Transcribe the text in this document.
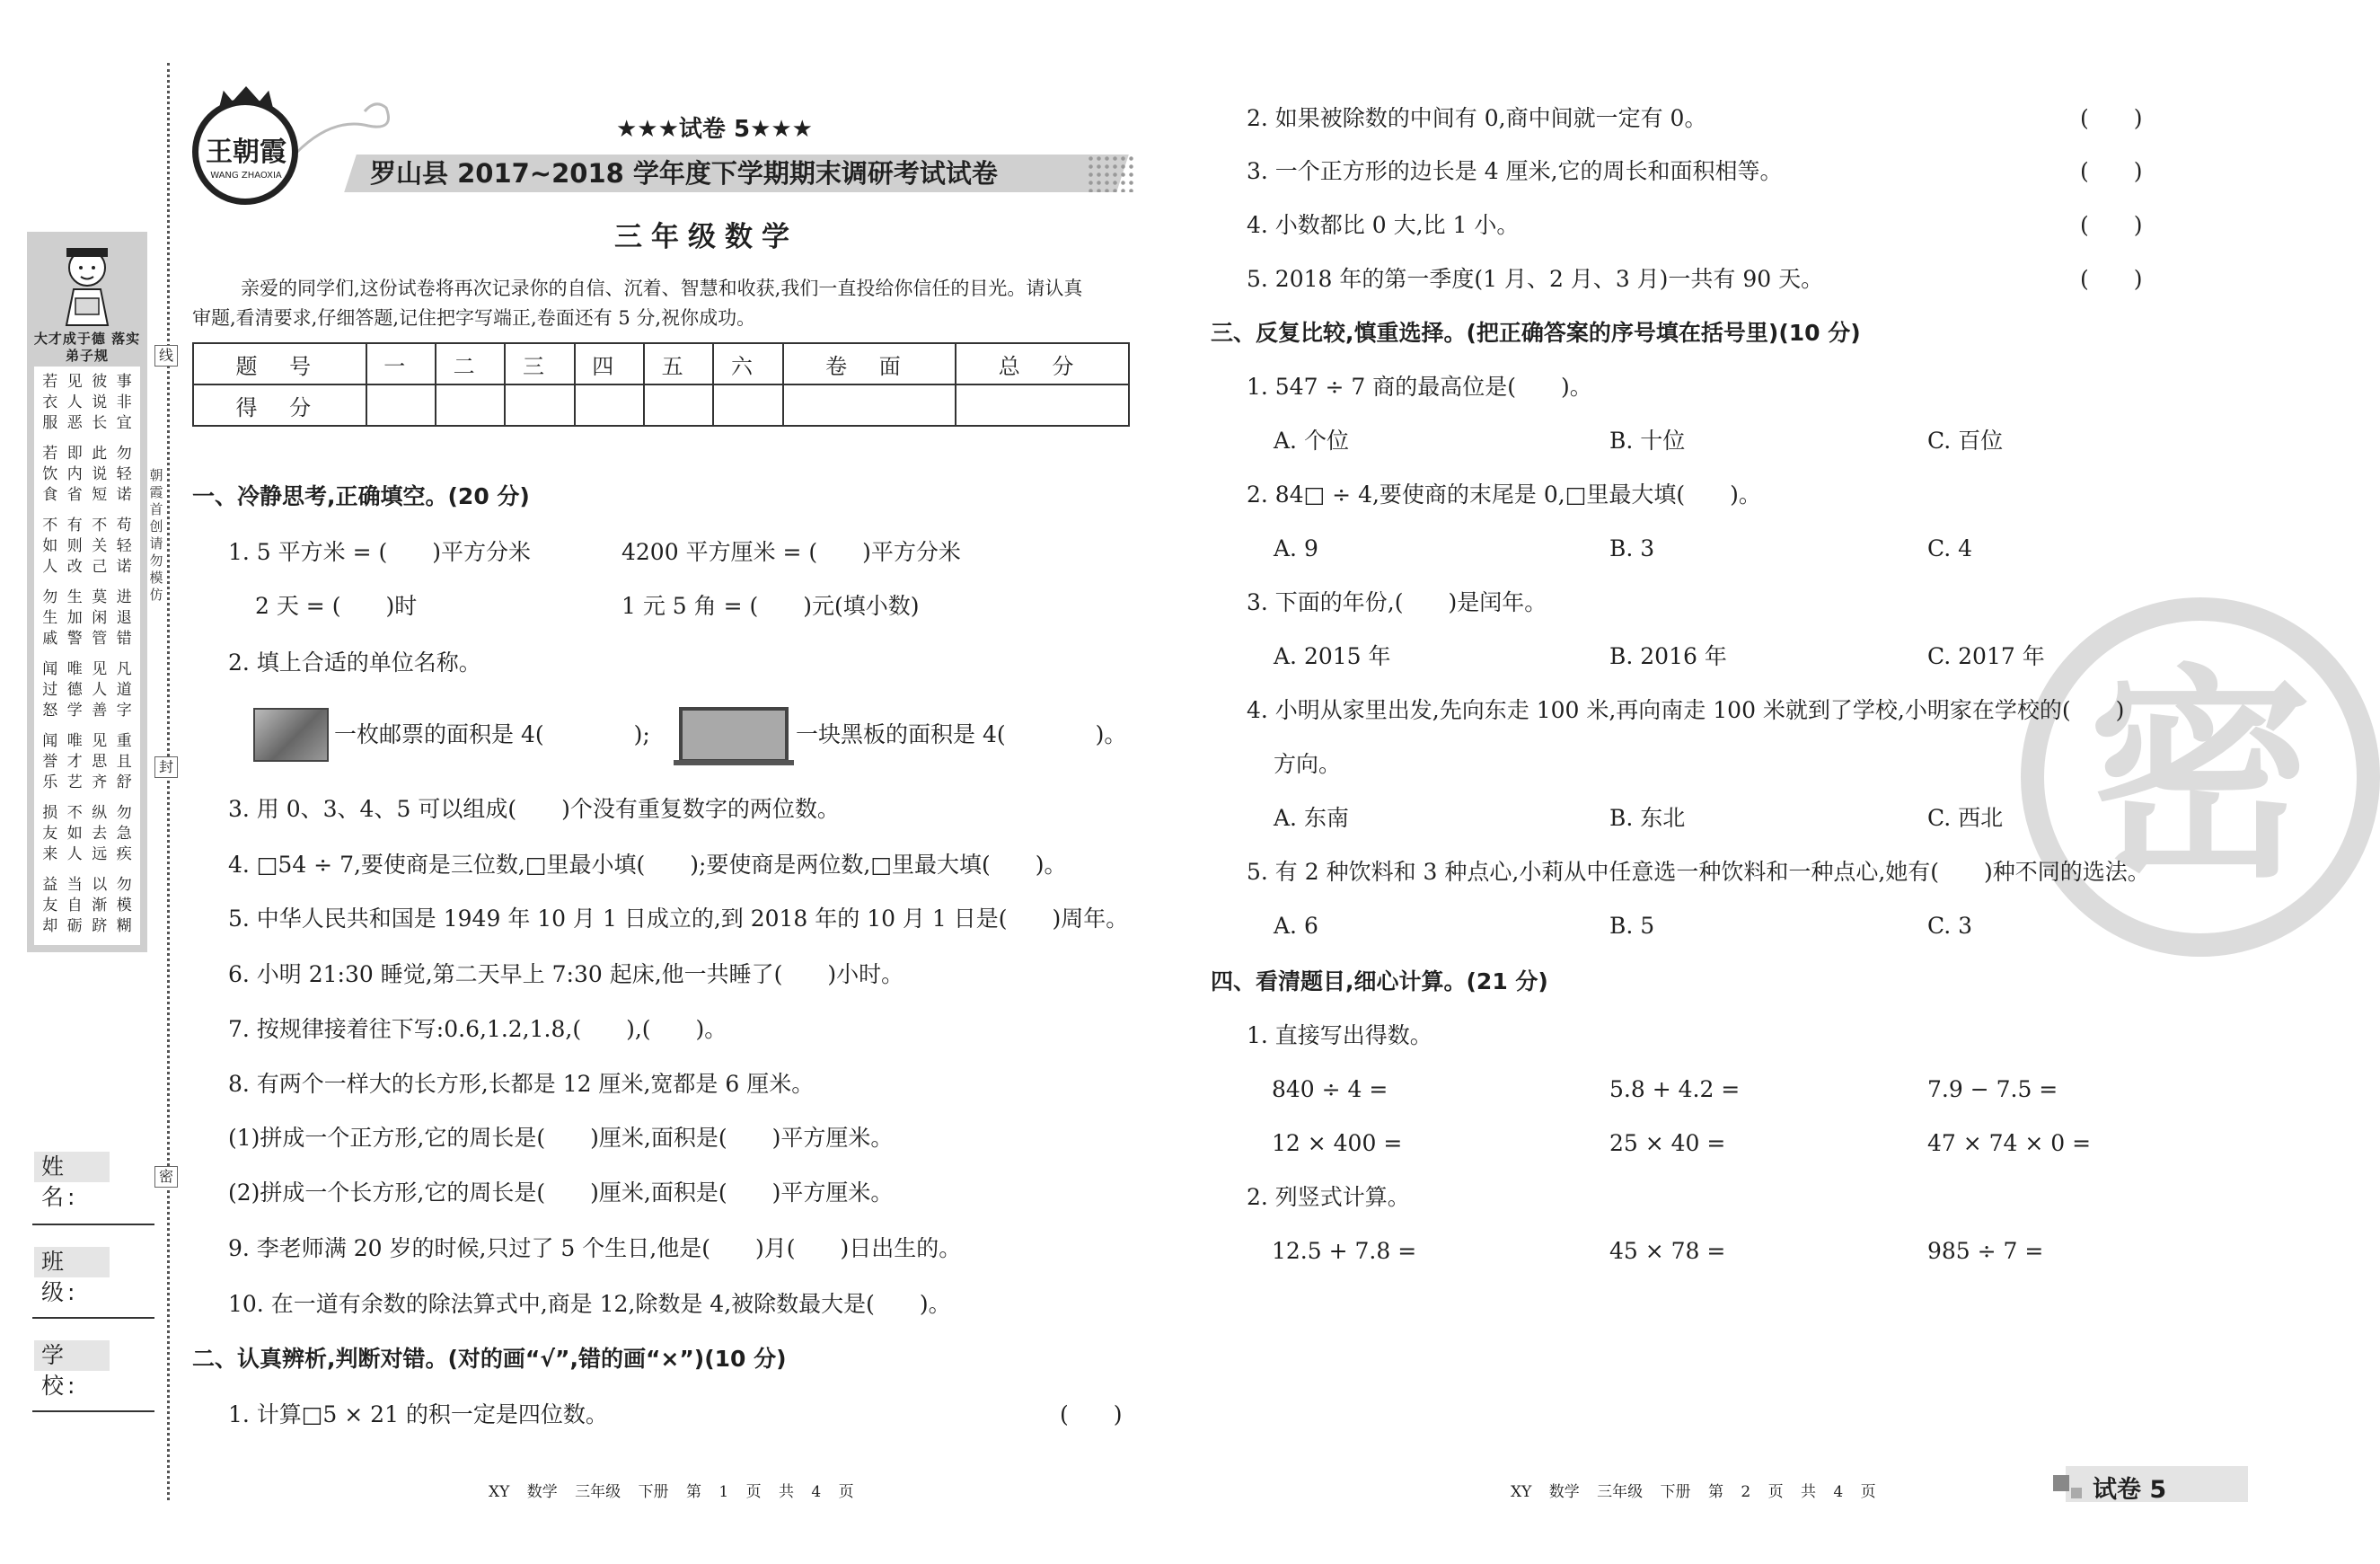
线
封
密
朝霞首创 请勿模仿
大才成于德 落实弟子规
若 见 彼 事
衣 人 说 非
服 恶 长 宜
若 即 此 勿
饮 内 说 轻
食 省 短 诺
不 有 不 苟
如 则 关 轻
人 改 己 诺
勿 生 莫 进
生 加 闲 退
戚 警 管 错
闻 唯 见 凡
过 德 人 道
怒 学 善 字
闻 唯 见 重
誉 才 思 且
乐 艺 齐 舒
损 不 纵 勿
友 如 去 急
来 人 远 疾
益 当 以 勿
友 自 渐 模
却 砺 跻 糊
姓 名:
班 级:
学 校:
王朝霞
WANG ZHAOXIA
★★★试卷 5★★★
罗山县 2017~2018 学年度下学期期末调研考试试卷
三年级数学
亲爱的同学们,这份试卷将再次记录你的自信、沉着、智慧和收获,我们一直投给你信任的目光。请认真
审题,看清要求,仔细答题,记住把字写端正,卷面还有 5 分,祝你成功。
题 号	一	二	三	四	五	六	卷 面	总 分
得 分								
一、冷静思考,正确填空。(20 分)
1. 5 平方米 = (　　)平方分米	4200 平方厘米 = (　　)平方分米
2 天 = (　　)时	1 元 5 角 = (　　)元(填小数)
2. 填上合适的单位名称。
一枚邮票的面积是 4(　　　　);	一块黑板的面积是 4(　　　　)。
3. 用 0、3、4、5 可以组成(　　)个没有重复数字的两位数。
4. □54 ÷ 7,要使商是三位数,□里最小填(　　);要使商是两位数,□里最大填(　　)。
5. 中华人民共和国是 1949 年 10 月 1 日成立的,到 2018 年的 10 月 1 日是(　　)周年。
6. 小明 21:30 睡觉,第二天早上 7:30 起床,他一共睡了(　　)小时。
7. 按规律接着往下写:0.6,1.2,1.8,(　　),(　　)。
8. 有两个一样大的长方形,长都是 12 厘米,宽都是 6 厘米。
(1)拼成一个正方形,它的周长是(　　)厘米,面积是(　　)平方厘米。
(2)拼成一个长方形,它的周长是(　　)厘米,面积是(　　)平方厘米。
9. 李老师满 20 岁的时候,只过了 5 个生日,他是(　　)月(　　)日出生的。
10. 在一道有余数的除法算式中,商是 12,除数是 4,被除数最大是(　　)。
二、认真辨析,判断对错。(对的画“√”,错的画“×”)(10 分)
1. 计算□5 × 21 的积一定是四位数。	(　　)
XY 数学 三年级 下册 第 1 页 共 4 页
密
2. 如果被除数的中间有 0,商中间就一定有 0。	(　　)
3. 一个正方形的边长是 4 厘米,它的周长和面积相等。	(　　)
4. 小数都比 0 大,比 1 小。	(　　)
5. 2018 年的第一季度(1 月、2 月、3 月)一共有 90 天。	(　　)
三、反复比较,慎重选择。(把正确答案的序号填在括号里)(10 分)
1. 547 ÷ 7 商的最高位是(　　)。
A. 个位	B. 十位	C. 百位
2. 84□ ÷ 4,要使商的末尾是 0,□里最大填(　　)。
A. 9	B. 3	C. 4
3. 下面的年份,(　　)是闰年。
A. 2015 年	B. 2016 年	C. 2017 年
4. 小明从家里出发,先向东走 100 米,再向南走 100 米就到了学校,小明家在学校的(　　)
方向。
A. 东南	B. 东北	C. 西北
5. 有 2 种饮料和 3 种点心,小莉从中任意选一种饮料和一种点心,她有(　　)种不同的选法。
A. 6	B. 5	C. 3
四、看清题目,细心计算。(21 分)
1. 直接写出得数。
840 ÷ 4 =	5.8 + 4.2 =	7.9 − 7.5 =
12 × 400 =	25 × 40 =	47 × 74 × 0 =
2. 列竖式计算。
12.5 + 7.8 =	45 × 78 =	985 ÷ 7 =
XY 数学 三年级 下册 第 2 页 共 4 页	试卷 5
